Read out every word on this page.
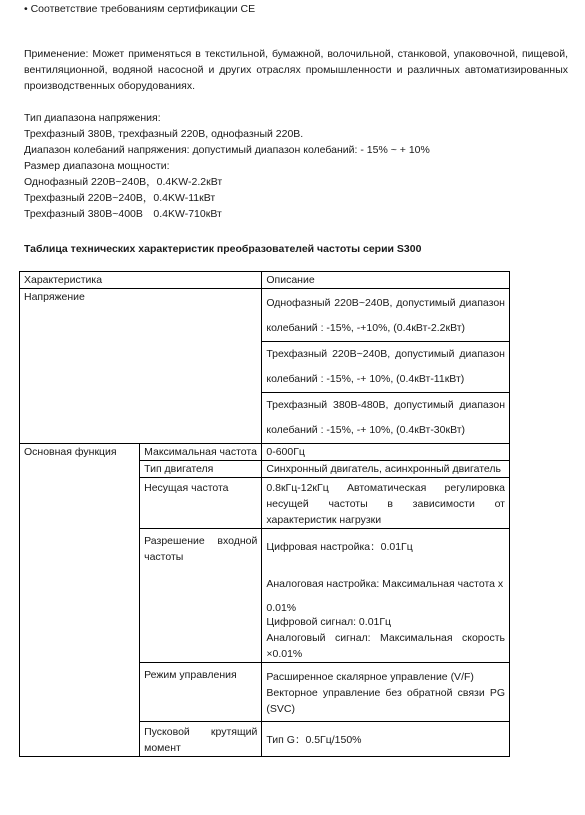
• Соответствие требованиям сертификации CE
Применение: Может применяться в текстильной, бумажной, волочильной, станковой, упаковочной, пищевой, вентиляционной, водяной насосной и других отраслях промышленности и различных автоматизированных производственных оборудованиях.
Тип диапазона напряжения:
Трехфазный 380В, трехфазный 220В, однофазный 220В.
Диапазон колебаний напряжения: допустимый диапазон колебаний: - 15% ~ + 10%
Размер диапазона мощности:
Однофазный 220В~240В，0.4KW-2.2кВт
Трехфазный 220В~240В，0.4KW-11кВт
Трехфазный 380В~400В　0.4KW-710кВт
Таблица технических характеристик преобразователей частоты серии S300
Характеристика		Описание
Напряжение		Однофазный 220В~240В, допустимый диапазон колебаний : -15%, -+10%, (0.4кВт-2.2кВт)
		Трехфазный 220В~240В, допустимый диапазон колебаний : -15%, -+ 10%, (0.4кВт-11кВт)
		Трехфазный 380В-480В, допустимый диапазон колебаний : -15%, -+ 10%, (0.4кВт-30кВт)
Основная функция	Максимальная частота	0-600Гц
	Тип двигателя	Синхронный двигатель, асинхронный двигатель
	Несущая частота	0.8кГц-12кГц Автоматическая регулировка несущей частоты в зависимости от характеристик нагрузки
	Разрешение входной частоты	Цифровая настройка：0.01Гц
Аналоговая настройка: Максимальная частота х 0.01%
Цифровой сигнал: 0.01Гц
Аналоговый сигнал: Максимальная скорость ×0.01%

	Режим управления	Расширенное скалярное управление (V/F)
Векторное управление без обратной связи PG (SVC)

	Пусковой крутящий момент	Тип G：0.5Гц/150%
